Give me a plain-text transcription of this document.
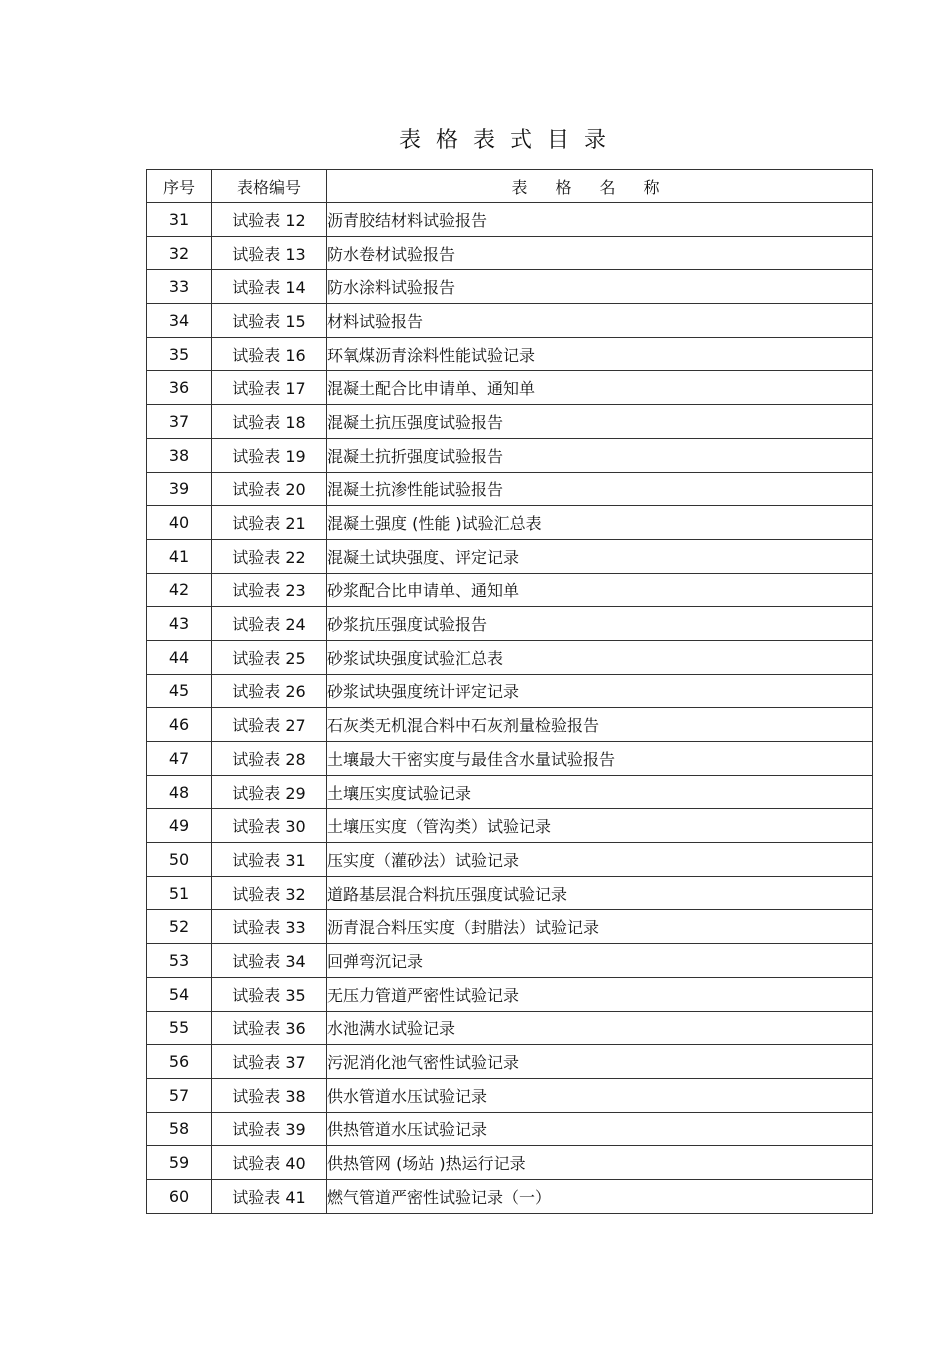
表格表式目录
序号	表格编号	表格名称
31	试验表 12	沥青胶结材料试验报告
32	试验表 13	防水卷材试验报告
33	试验表 14	防水涂料试验报告
34	试验表 15	材料试验报告
35	试验表 16	环氧煤沥青涂料性能试验记录
36	试验表 17	混凝土配合比申请单、通知单
37	试验表 18	混凝土抗压强度试验报告
38	试验表 19	混凝土抗折强度试验报告
39	试验表 20	混凝土抗渗性能试验报告
40	试验表 21	混凝土强度 (性能 )试验汇总表
41	试验表 22	混凝土试块强度、评定记录
42	试验表 23	砂浆配合比申请单、通知单
43	试验表 24	砂浆抗压强度试验报告
44	试验表 25	砂浆试块强度试验汇总表
45	试验表 26	砂浆试块强度统计评定记录
46	试验表 27	石灰类无机混合料中石灰剂量检验报告
47	试验表 28	土壤最大干密实度与最佳含水量试验报告
48	试验表 29	土壤压实度试验记录
49	试验表 30	土壤压实度（管沟类）试验记录
50	试验表 31	压实度（灌砂法）试验记录
51	试验表 32	道路基层混合料抗压强度试验记录
52	试验表 33	沥青混合料压实度（封腊法）试验记录
53	试验表 34	回弹弯沉记录
54	试验表 35	无压力管道严密性试验记录
55	试验表 36	水池满水试验记录
56	试验表 37	污泥消化池气密性试验记录
57	试验表 38	供水管道水压试验记录
58	试验表 39	供热管道水压试验记录
59	试验表 40	供热管网 (场站 )热运行记录
60	试验表 41	燃气管道严密性试验记录（一）
